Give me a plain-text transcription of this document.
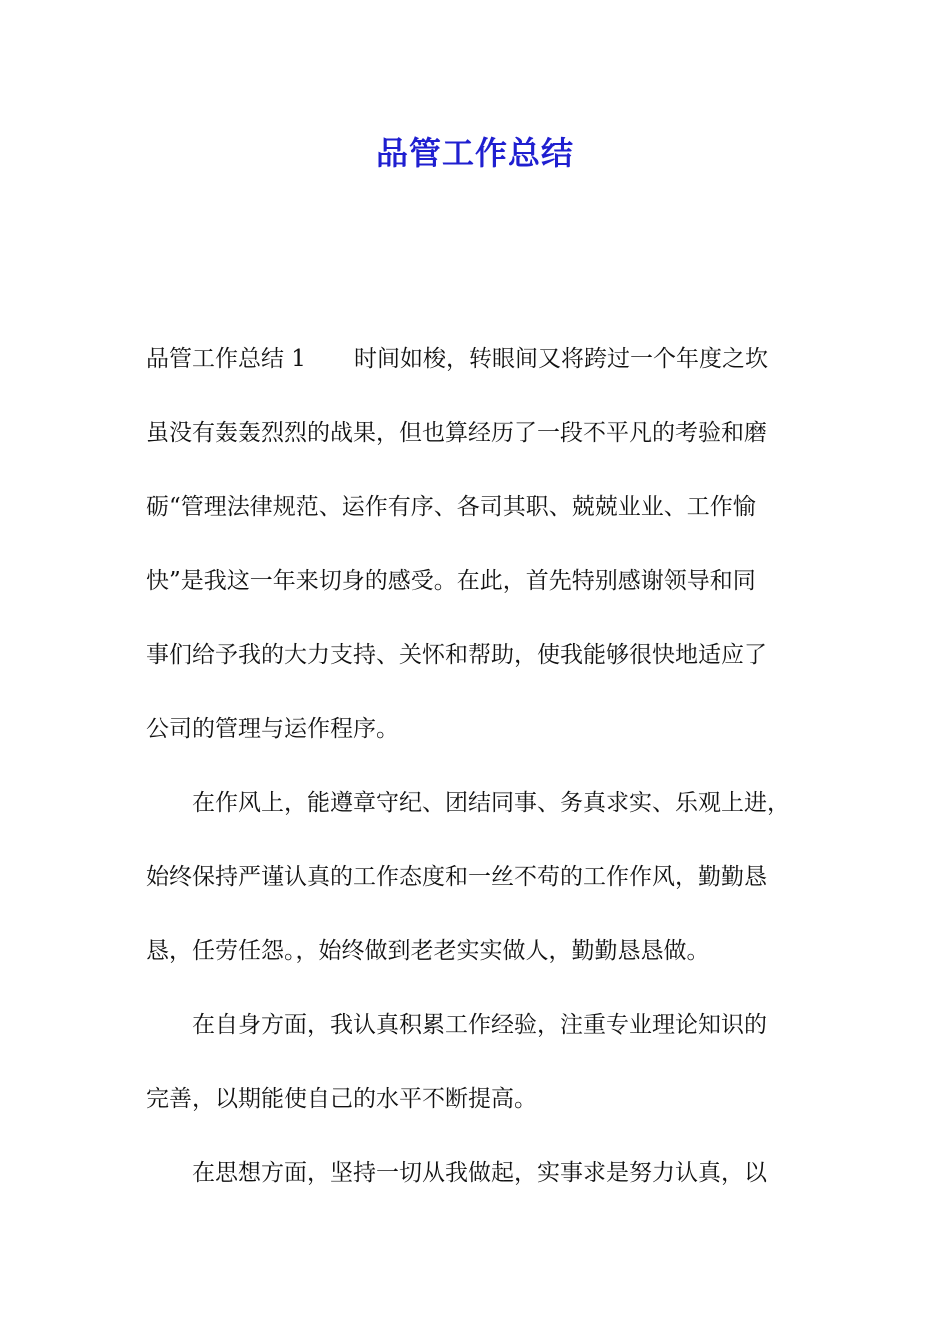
品管工作总结
品管工作总结 1 时间如梭，转眼间又将跨过一个年度之坎
虽没有轰轰烈烈的战果，但也算经历了一段不平凡的考验和磨
砺“管理法律规范、运作有序、各司其职、兢兢业业、工作愉
快”是我这一年来切身的感受。在此，首先特别感谢领导和同
事们给予我的大力支持、关怀和帮助，使我能够很快地适应了
公司的管理与运作程序。
在作风上，能遵章守纪、团结同事、务真求实、乐观上进，
始终保持严谨认真的工作态度和一丝不苟的工作作风，勤勤恳
恳，任劳任怨。，始终做到老老实实做人，勤勤恳恳做。
在自身方面，我认真积累工作经验，注重专业理论知识的
完善，以期能使自己的水平不断提高。
在思想方面，坚持一切从我做起，实事求是努力认真，以
